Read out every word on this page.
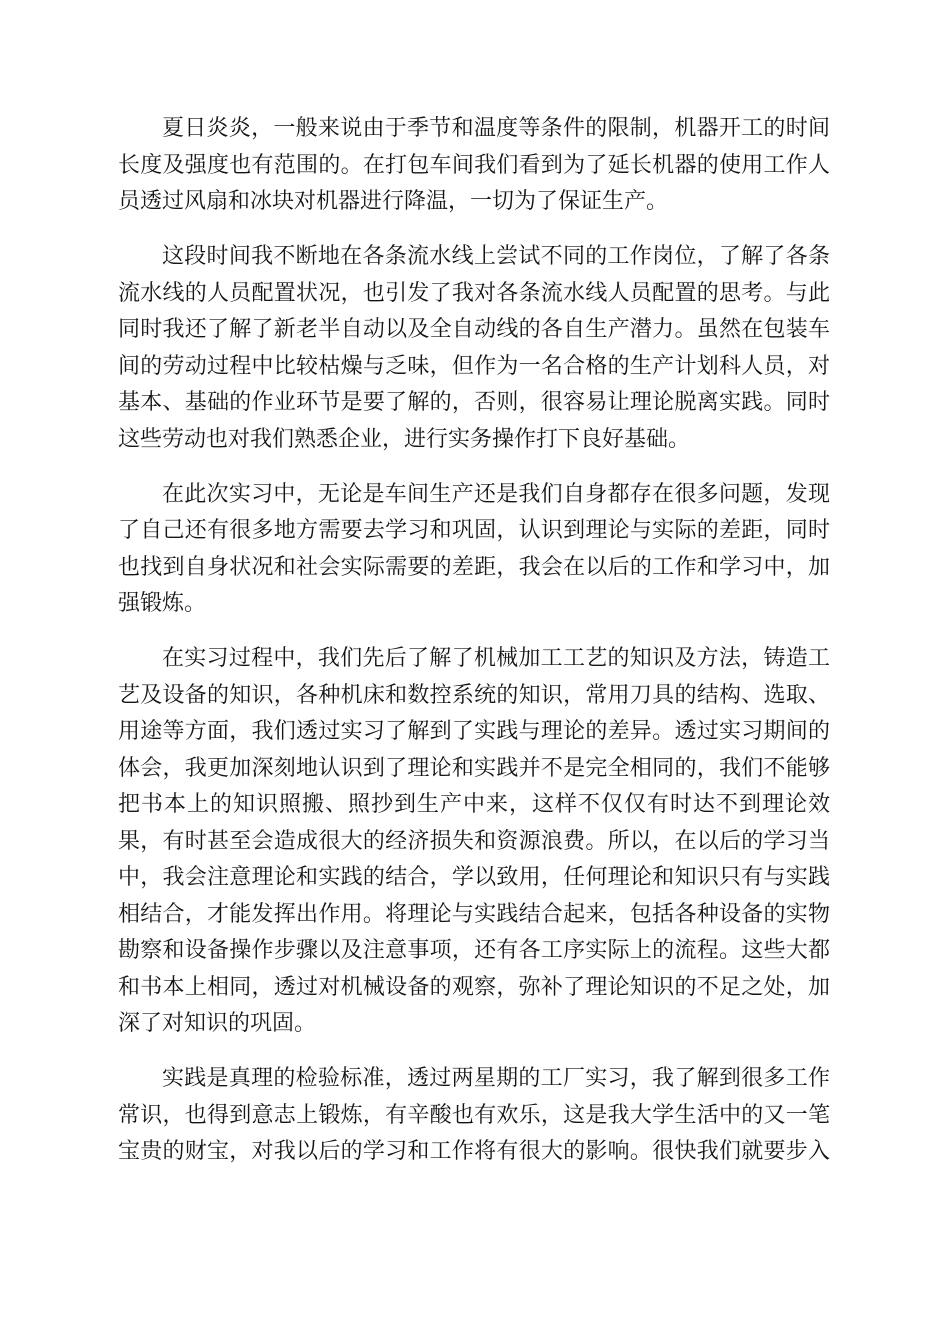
夏日炎炎，一般来说由于季节和温度等条件的限制，机器开工的时间
长度及强度也有范围的。在打包车间我们看到为了延长机器的使用工作人
员透过风扇和冰块对机器进行降温，一切为了保证生产。

这段时间我不断地在各条流水线上尝试不同的工作岗位，了解了各条
流水线的人员配置状况，也引发了我对各条流水线人员配置的思考。与此
同时我还了解了新老半自动以及全自动线的各自生产潜力。虽然在包装车
间的劳动过程中比较枯燥与乏味，但作为一名合格的生产计划科人员，对
基本、基础的作业环节是要了解的，否则，很容易让理论脱离实践。同时
这些劳动也对我们熟悉企业，进行实务操作打下良好基础。

在此次实习中，无论是车间生产还是我们自身都存在很多问题，发现
了自己还有很多地方需要去学习和巩固，认识到理论与实际的差距，同时
也找到自身状况和社会实际需要的差距，我会在以后的工作和学习中，加
强锻炼。

在实习过程中，我们先后了解了机械加工工艺的知识及方法，铸造工
艺及设备的知识，各种机床和数控系统的知识，常用刀具的结构、选取、
用途等方面，我们透过实习了解到了实践与理论的差异。透过实习期间的
体会，我更加深刻地认识到了理论和实践并不是完全相同的，我们不能够
把书本上的知识照搬、照抄到生产中来，这样不仅仅有时达不到理论效
果，有时甚至会造成很大的经济损失和资源浪费。所以，在以后的学习当
中，我会注意理论和实践的结合，学以致用，任何理论和知识只有与实践
相结合，才能发挥出作用。将理论与实践结合起来，包括各种设备的实物
勘察和设备操作步骤以及注意事项，还有各工序实际上的流程。这些大都
和书本上相同，透过对机械设备的观察，弥补了理论知识的不足之处，加
深了对知识的巩固。

实践是真理的检验标准，透过两星期的工厂实习，我了解到很多工作
常识，也得到意志上锻炼，有辛酸也有欢乐，这是我大学生活中的又一笔
宝贵的财宝，对我以后的学习和工作将有很大的影响。很快我们就要步入
